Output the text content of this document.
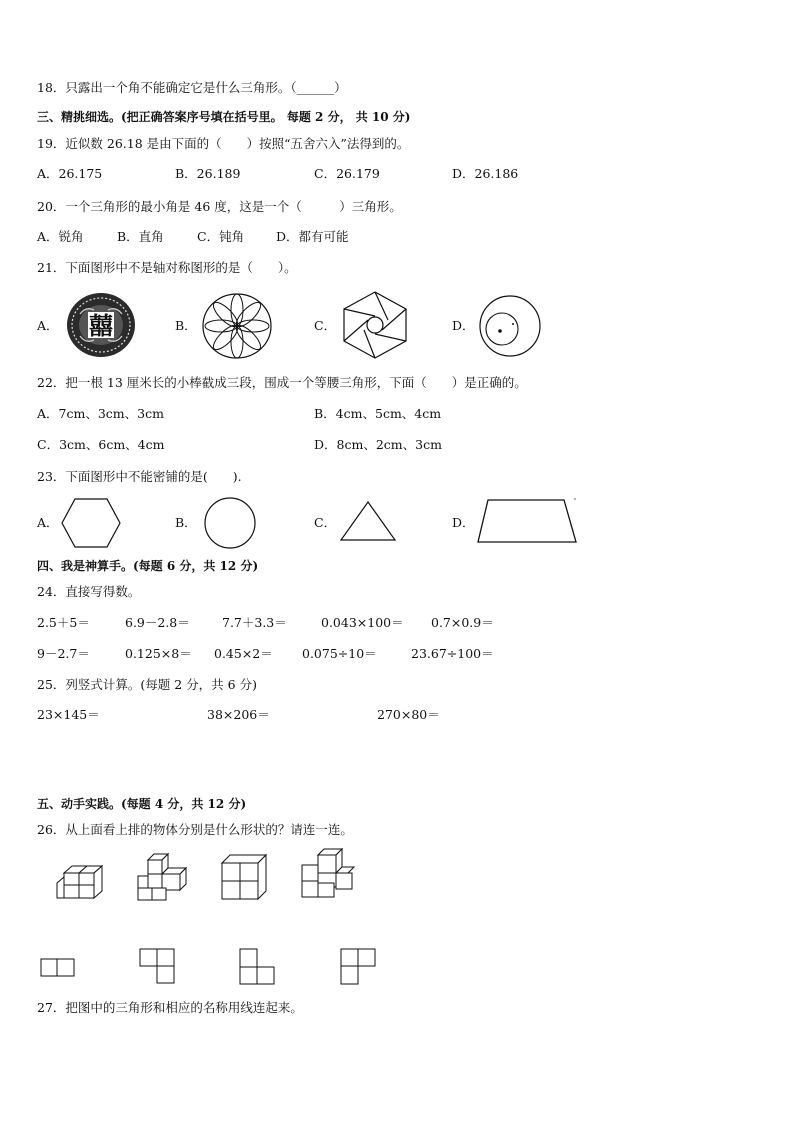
18．只露出一个角不能确定它是什么三角形。（______）
三、精挑细选。(把正确答案序号填在括号里。 每题 2 分， 共 10 分)
19．近似数 26.18 是由下面的（　　）按照“五舍六入”法得到的。
A．26.175	B．26.189	C．26.179	D．26.186
20．一个三角形的最小角是 46 度，这是一个（　　　）三角形。
A．锐角	B．直角	C．钝角	D．都有可能
21．下面图形中不是轴对称图形的是（　　）。
A． 囍	B．	C．	D．
22．把一根 13 厘米长的小棒截成三段，围成一个等腰三角形，下面（　　）是正确的。
A．7cm、3cm、3cm	B．4cm、5cm、4cm
C．3cm、6cm、4cm	D．8cm、2cm、3cm
23．下面图形中不能密铺的是(　　).
A．	B．	C．	D．
四、我是神算手。(每题 6 分，共 12 分)
24．直接写得数。
2.5＋5＝	6.9－2.8＝	7.7＋3.3＝	0.043×100＝ 0.7×0.9＝
9－2.7＝	0.125×8＝ 0.45×2＝ 0.075÷10＝	23.67÷100＝
25．列竖式计算。(每题 2 分，共 6 分)
23×145＝	38×206＝	270×80＝
五、动手实践。(每题 4 分，共 12 分)
26．从上面看上排的物体分别是什么形状的？请连一连。
27．把图中的三角形和相应的名称用线连起来。
